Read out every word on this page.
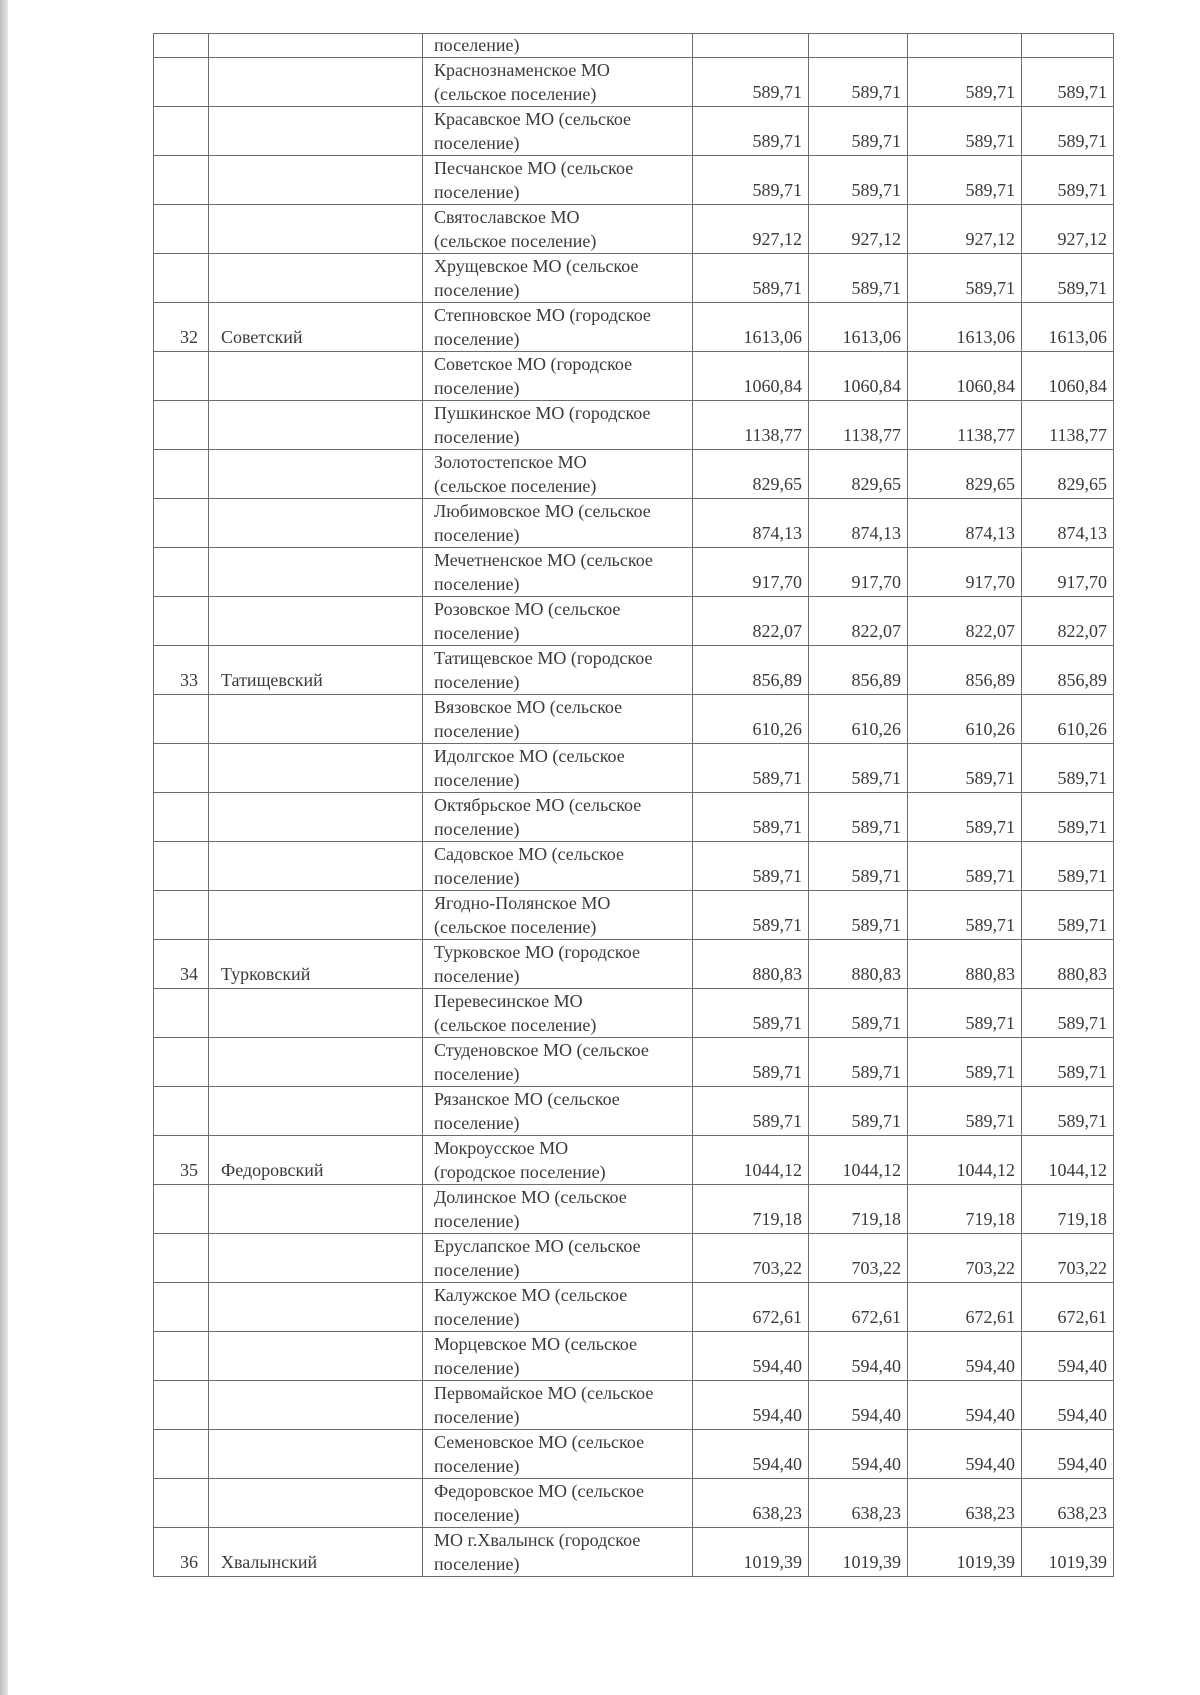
		поселение)				

		Краснознаменское МО
(сельское поселение)	589,71	589,71	589,71	589,71

		Красавское МО (сельское
поселение)	589,71	589,71	589,71	589,71

		Песчанское МО (сельское
поселение)	589,71	589,71	589,71	589,71

		Святославское МО
(сельское поселение)	927,12	927,12	927,12	927,12

		Хрущевское МО (сельское
поселение)	589,71	589,71	589,71	589,71
32	Советский	Степновское МО (городское
поселение)	1613,06	1613,06	1613,06	1613,06

		Советское МО (городское
поселение)	1060,84	1060,84	1060,84	1060,84

		Пушкинское МО (городское
поселение)	1138,77	1138,77	1138,77	1138,77

		Золотостепское МО
(сельское поселение)	829,65	829,65	829,65	829,65

		Любимовское МО (сельское
поселение)	874,13	874,13	874,13	874,13

		Мечетненское МО (сельское
поселение)	917,70	917,70	917,70	917,70

		Розовское МО (сельское
поселение)	822,07	822,07	822,07	822,07
33	Татищевский	Татищевское МО (городское
поселение)	856,89	856,89	856,89	856,89

		Вязовское МО (сельское
поселение)	610,26	610,26	610,26	610,26

		Идолгское МО (сельское
поселение)	589,71	589,71	589,71	589,71

		Октябрьское МО (сельское
поселение)	589,71	589,71	589,71	589,71

		Садовское МО (сельское
поселение)	589,71	589,71	589,71	589,71

		Ягодно-Полянское МО
(сельское поселение)	589,71	589,71	589,71	589,71
34	Турковский	Турковское МО (городское
поселение)	880,83	880,83	880,83	880,83

		Перевесинское МО
(сельское поселение)	589,71	589,71	589,71	589,71

		Студеновское МО (сельское
поселение)	589,71	589,71	589,71	589,71

		Рязанское МО (сельское
поселение)	589,71	589,71	589,71	589,71
35	Федоровский	Мокроусское МО
(городское поселение)	1044,12	1044,12	1044,12	1044,12

		Долинское МО (сельское
поселение)	719,18	719,18	719,18	719,18

		Еруслапское МО (сельское
поселение)	703,22	703,22	703,22	703,22

		Калужское МО (сельское
поселение)	672,61	672,61	672,61	672,61

		Морцевское МО (сельское
поселение)	594,40	594,40	594,40	594,40

		Первомайское МО (сельское
поселение)	594,40	594,40	594,40	594,40

		Семеновское МО (сельское
поселение)	594,40	594,40	594,40	594,40

		Федоровское МО (сельское
поселение)	638,23	638,23	638,23	638,23
36	Хвалынский	МО г.Хвалынск (городское
поселение)	1019,39	1019,39	1019,39	1019,39
